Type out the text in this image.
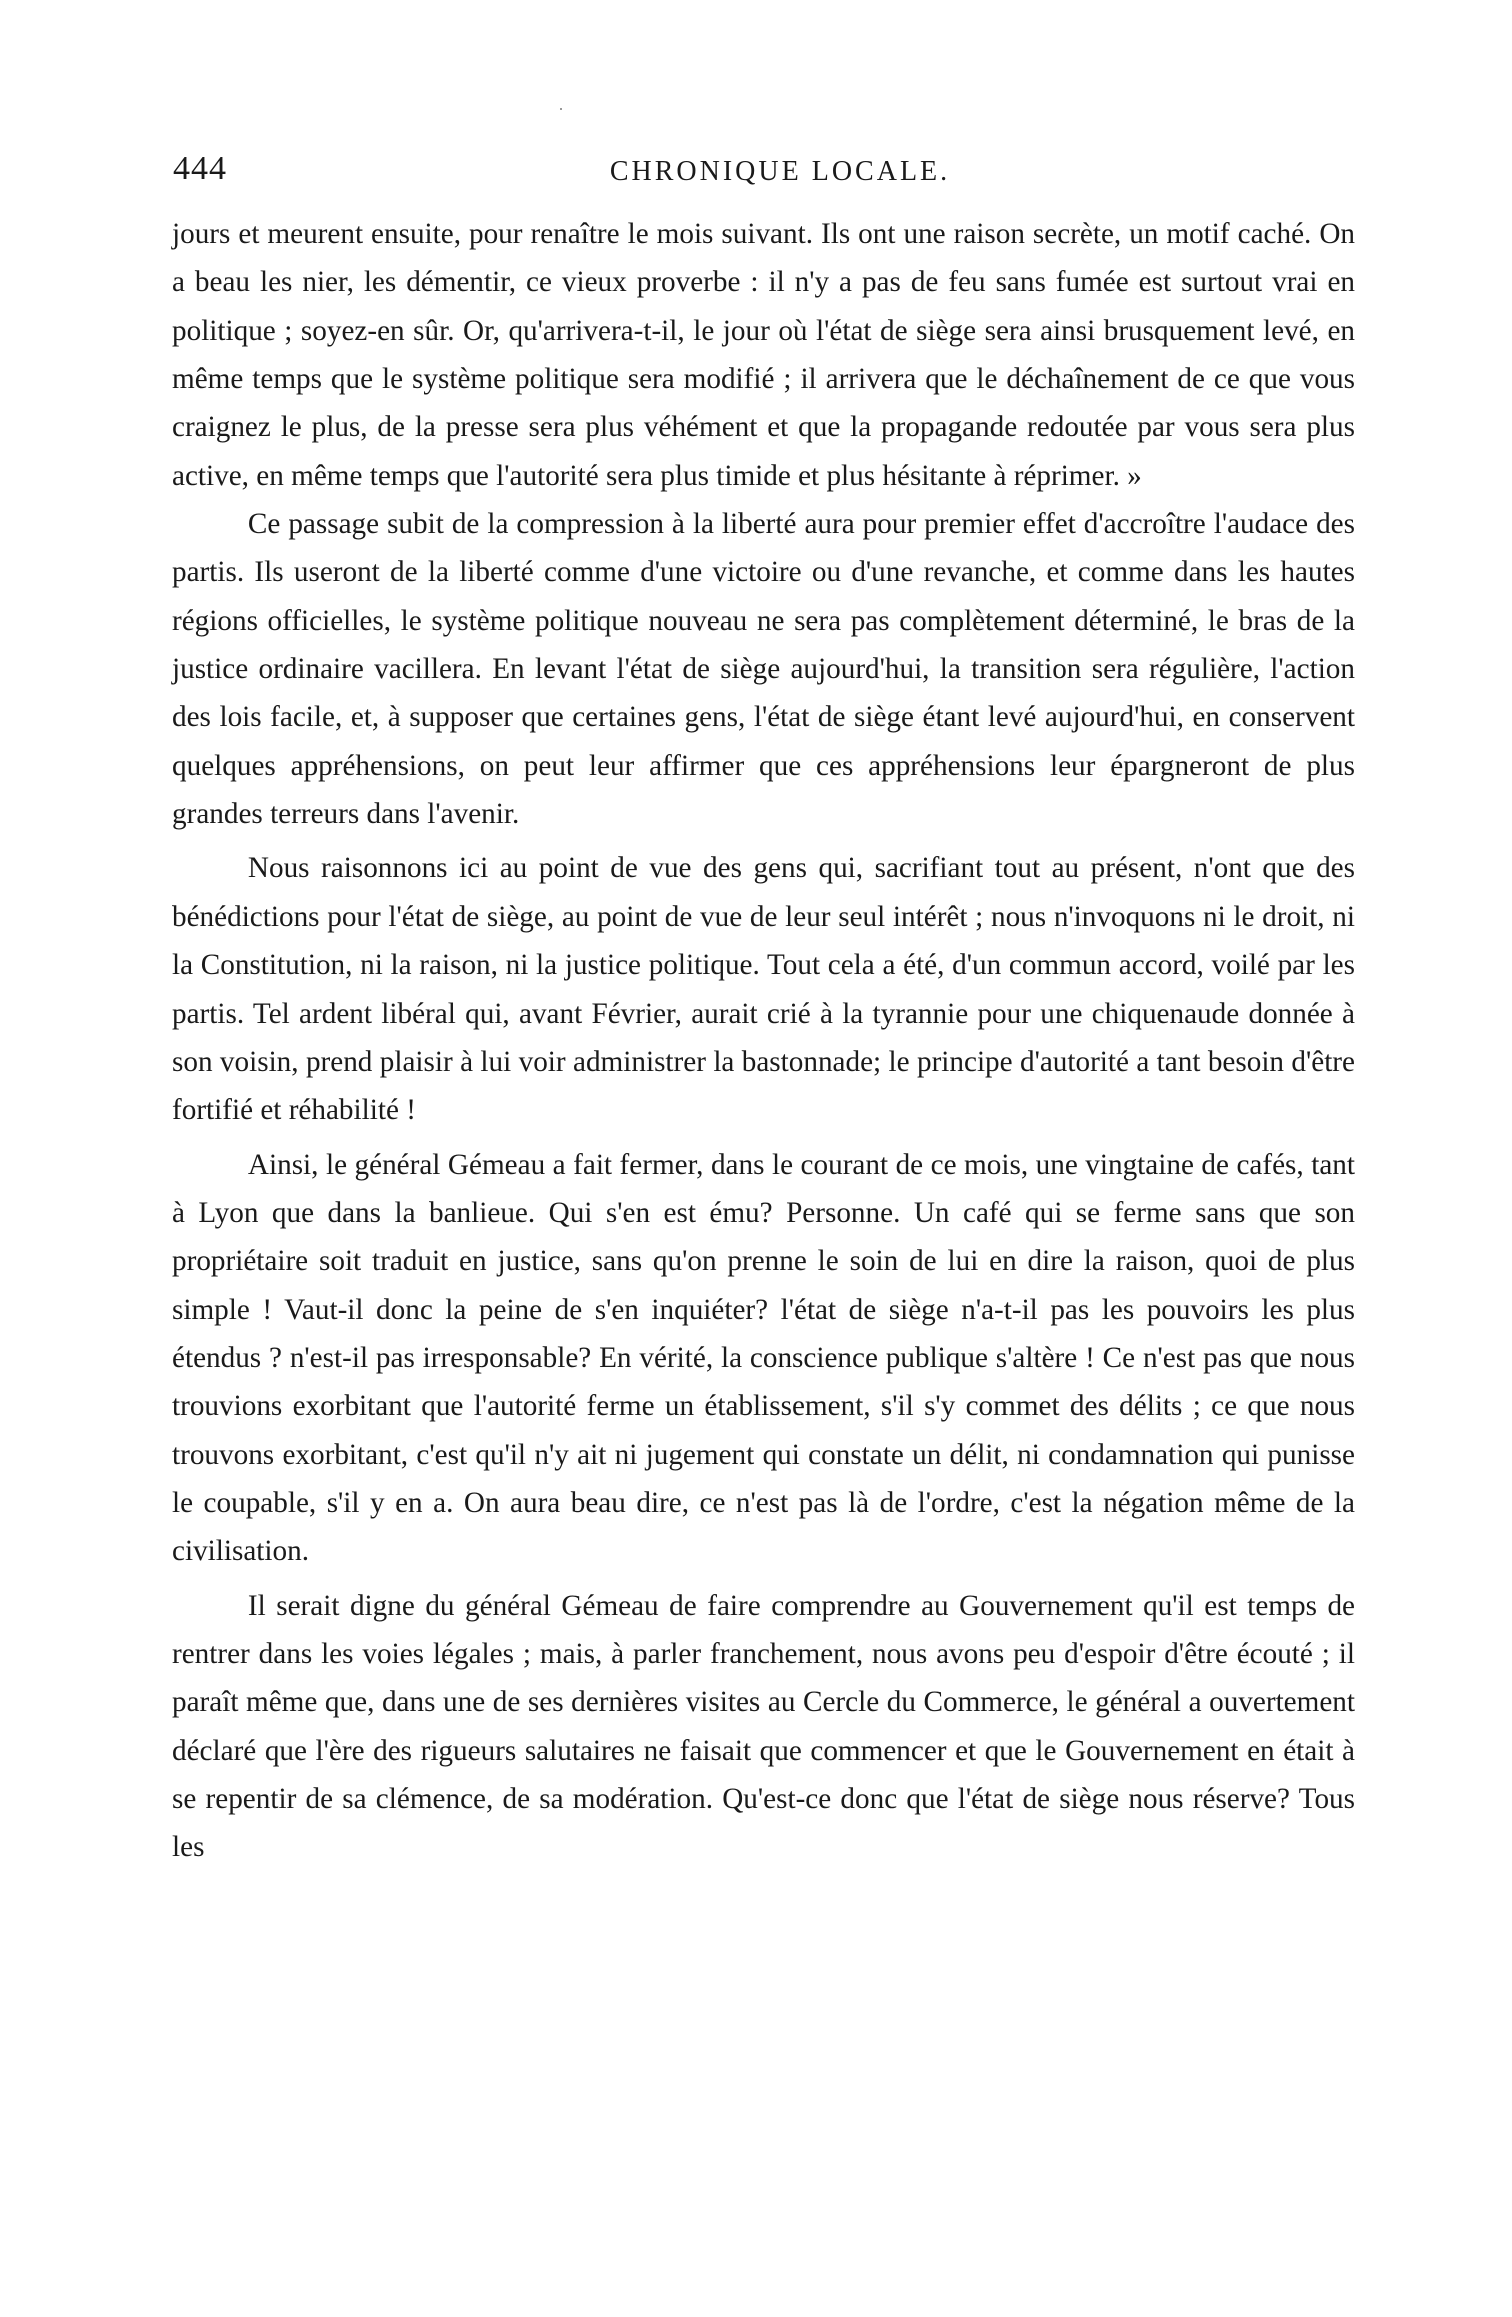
444	CHRONIQUE LOCALE.

jours et meurent ensuite, pour renaître le mois suivant. Ils ont une raison secrète, un motif caché. On a beau les nier, les démentir, ce vieux proverbe : il n'y a pas de feu sans fumée est surtout vrai en politique ; soyez-en sûr. Or, qu'arrivera-t-il, le jour où l'état de siège sera ainsi brusquement levé, en même temps que le système politique sera modifié ; il arrivera que le déchaînement de ce que vous craignez le plus, de la presse sera plus véhément et que la propagande redoutée par vous sera plus active, en même temps que l'autorité sera plus timide et plus hésitante à réprimer. »

Ce passage subit de la compression à la liberté aura pour premier effet d'accroître l'audace des partis. Ils useront de la liberté comme d'une victoire ou d'une revanche, et comme dans les hautes régions officielles, le système politique nouveau ne sera pas complètement déterminé, le bras de la justice ordinaire vacillera. En levant l'état de siège aujourd'hui, la transition sera régulière, l'action des lois facile, et, à supposer que certaines gens, l'état de siège étant levé aujourd'hui, en conservent quelques appréhensions, on peut leur affirmer que ces appréhensions leur épargneront de plus grandes terreurs dans l'avenir.

Nous raisonnons ici au point de vue des gens qui, sacrifiant tout au présent, n'ont que des bénédictions pour l'état de siège, au point de vue de leur seul intérêt ; nous n'invoquons ni le droit, ni la Constitution, ni la raison, ni la justice politique. Tout cela a été, d'un commun accord, voilé par les partis. Tel ardent libéral qui, avant Février, aurait crié à la tyrannie pour une chiquenaude donnée à son voisin, prend plaisir à lui voir administrer la bastonnade; le principe d'autorité a tant besoin d'être fortifié et réhabilité !

Ainsi, le général Gémeau a fait fermer, dans le courant de ce mois, une vingtaine de cafés, tant à Lyon que dans la banlieue. Qui s'en est ému? Personne. Un café qui se ferme sans que son propriétaire soit traduit en justice, sans qu'on prenne le soin de lui en dire la raison, quoi de plus simple ! Vaut-il donc la peine de s'en inquiéter? l'état de siège n'a-t-il pas les pouvoirs les plus étendus ? n'est-il pas irresponsable? En vérité, la conscience publique s'altère ! Ce n'est pas que nous trouvions exorbitant que l'autorité ferme un établissement, s'il s'y commet des délits ; ce que nous trouvons exorbitant, c'est qu'il n'y ait ni jugement qui constate un délit, ni condamnation qui punisse le coupable, s'il y en a. On aura beau dire, ce n'est pas là de l'ordre, c'est la négation même de la civilisation.

Il serait digne du général Gémeau de faire comprendre au Gouvernement qu'il est temps de rentrer dans les voies légales ; mais, à parler franchement, nous avons peu d'espoir d'être écouté ; il paraît même que, dans une de ses dernières visites au Cercle du Commerce, le général a ouvertement déclaré que l'ère des rigueurs salutaires ne faisait que commencer et que le Gouvernement en était à se repentir de sa clémence, de sa modération. Qu'est-ce donc que l'état de siège nous réserve? Tous les
